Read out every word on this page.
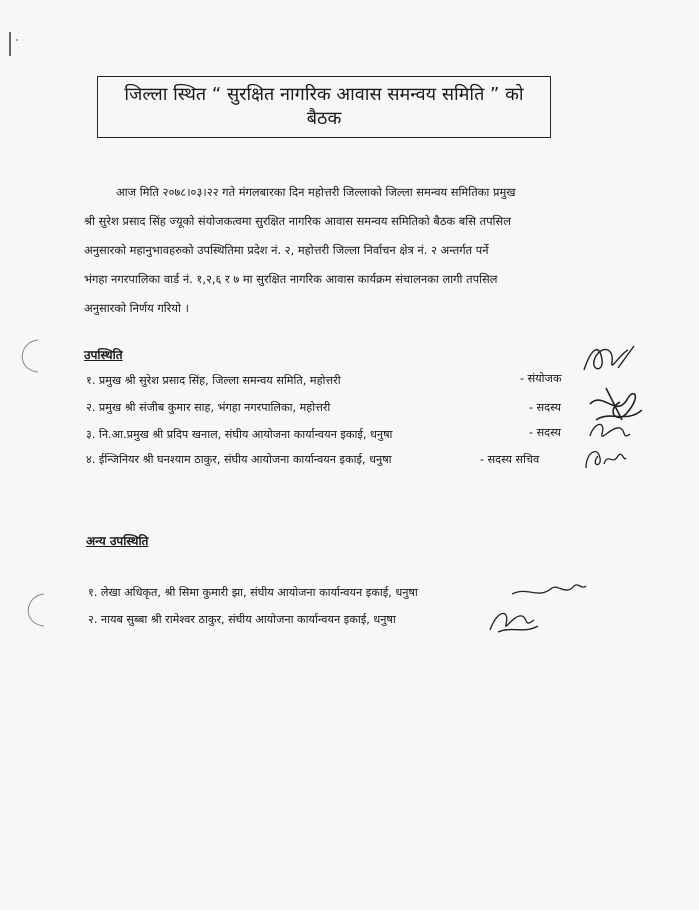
जिल्ला स्थित “ सुरक्षित नागरिक आवास समन्वय समिति ” को
बैठक
आज मिति २०७८।०३।२२ गते मंगलबारका दिन महोत्तरी जिल्लाको जिल्ला समन्वय समितिका प्रमुख
श्री सुरेश प्रसाद सिंह ज्यूको संयोजकत्वमा सुरक्षित नागरिक आवास समन्वय समितिको बैठक बसि तपसिल
अनुसारको महानुभावहरुको उपस्थितिमा प्रदेश नं. २, महोत्तरी जिल्ला निर्वाचन क्षेत्र नं. २ अन्तर्गत पर्ने
भंगहा नगरपालिका वार्ड नं. १,२,६ र ७ मा सुरक्षित नागरिक आवास कार्यक्रम संचालनका लागी तपसिल
अनुसारको निर्णय गरियो ।
उपस्थिति
१. प्रमुख श्री सुरेश प्रसाद सिंह, जिल्ला समन्वय समिति, महोत्तरी	- संयोजक
२. प्रमुख श्री संजीब कुमार साह, भंगहा नगरपालिका, महोत्तरी	- सदस्य
३. नि.आ.प्रमुख श्री प्रदिप खनाल, संघीय आयोजना कार्यान्वयन इकाई, धनुषा	- सदस्य
४. ईन्जिनियर श्री घनश्याम ठाकुर, संघीय आयोजना कार्यान्वयन इकाई, धनुषा	- सदस्य सचिव
अन्य उपस्थिति
१. लेखा अधिकृत, श्री सिमा कुमारी झा, संघीय आयोजना कार्यान्वयन इकाई, धनुषा
२. नायब सुब्बा श्री रामेश्वर ठाकुर, संघीय आयोजना कार्यान्वयन इकाई, धनुषा
